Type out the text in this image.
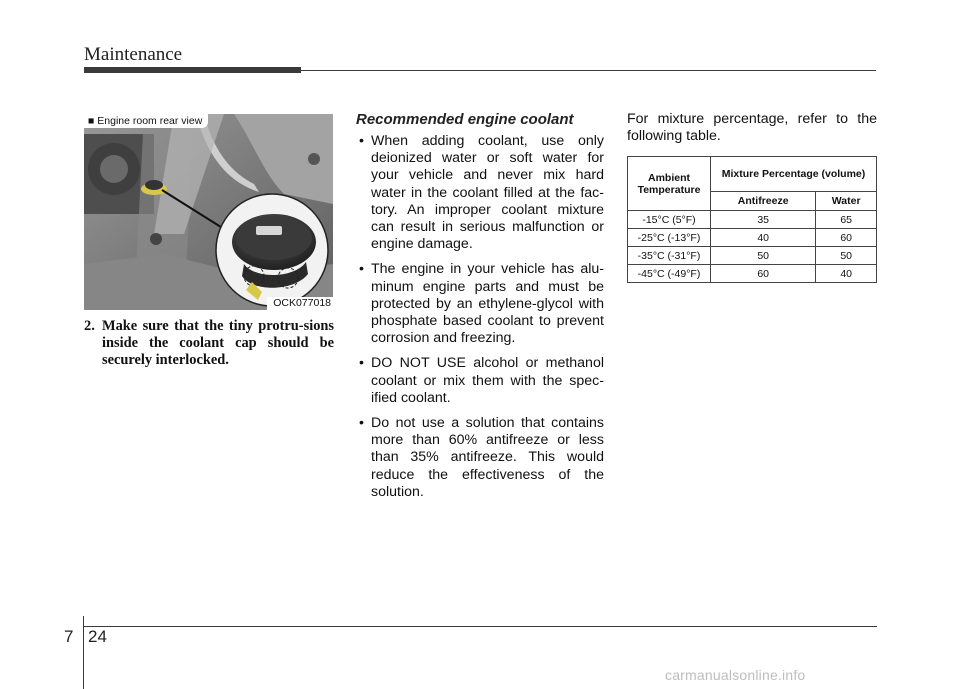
Maintenance
■ Engine room rear view
OCK077018
2. Make sure that the tiny protru-sions inside the coolant cap should be securely interlocked.
Recommended engine coolant
• When adding coolant, use only deionized water or soft water for your vehicle and never mix hard water in the coolant filled at the fac-tory. An improper coolant mixture can result in serious malfunction or engine damage.
• The engine in your vehicle has alu-minum engine parts and must be protected by an ethylene-glycol with phosphate based coolant to prevent corrosion and freezing.
• DO NOT USE alcohol or methanol coolant or mix them with the spec-ified coolant.
• Do not use a solution that contains more than 60% antifreeze or less than 35% antifreeze. This would reduce the effectiveness of the solution.
For mixture percentage, refer to the following table.
Ambient Temperature	Mixture Percentage (volume)	
	Antifreeze	Water
-15°C (5°F)	35	65
-25°C (-13°F)	40	60
-35°C (-31°F)	50	50
-45°C (-49°F)	60	40
7 24
carmanualsonline.info
